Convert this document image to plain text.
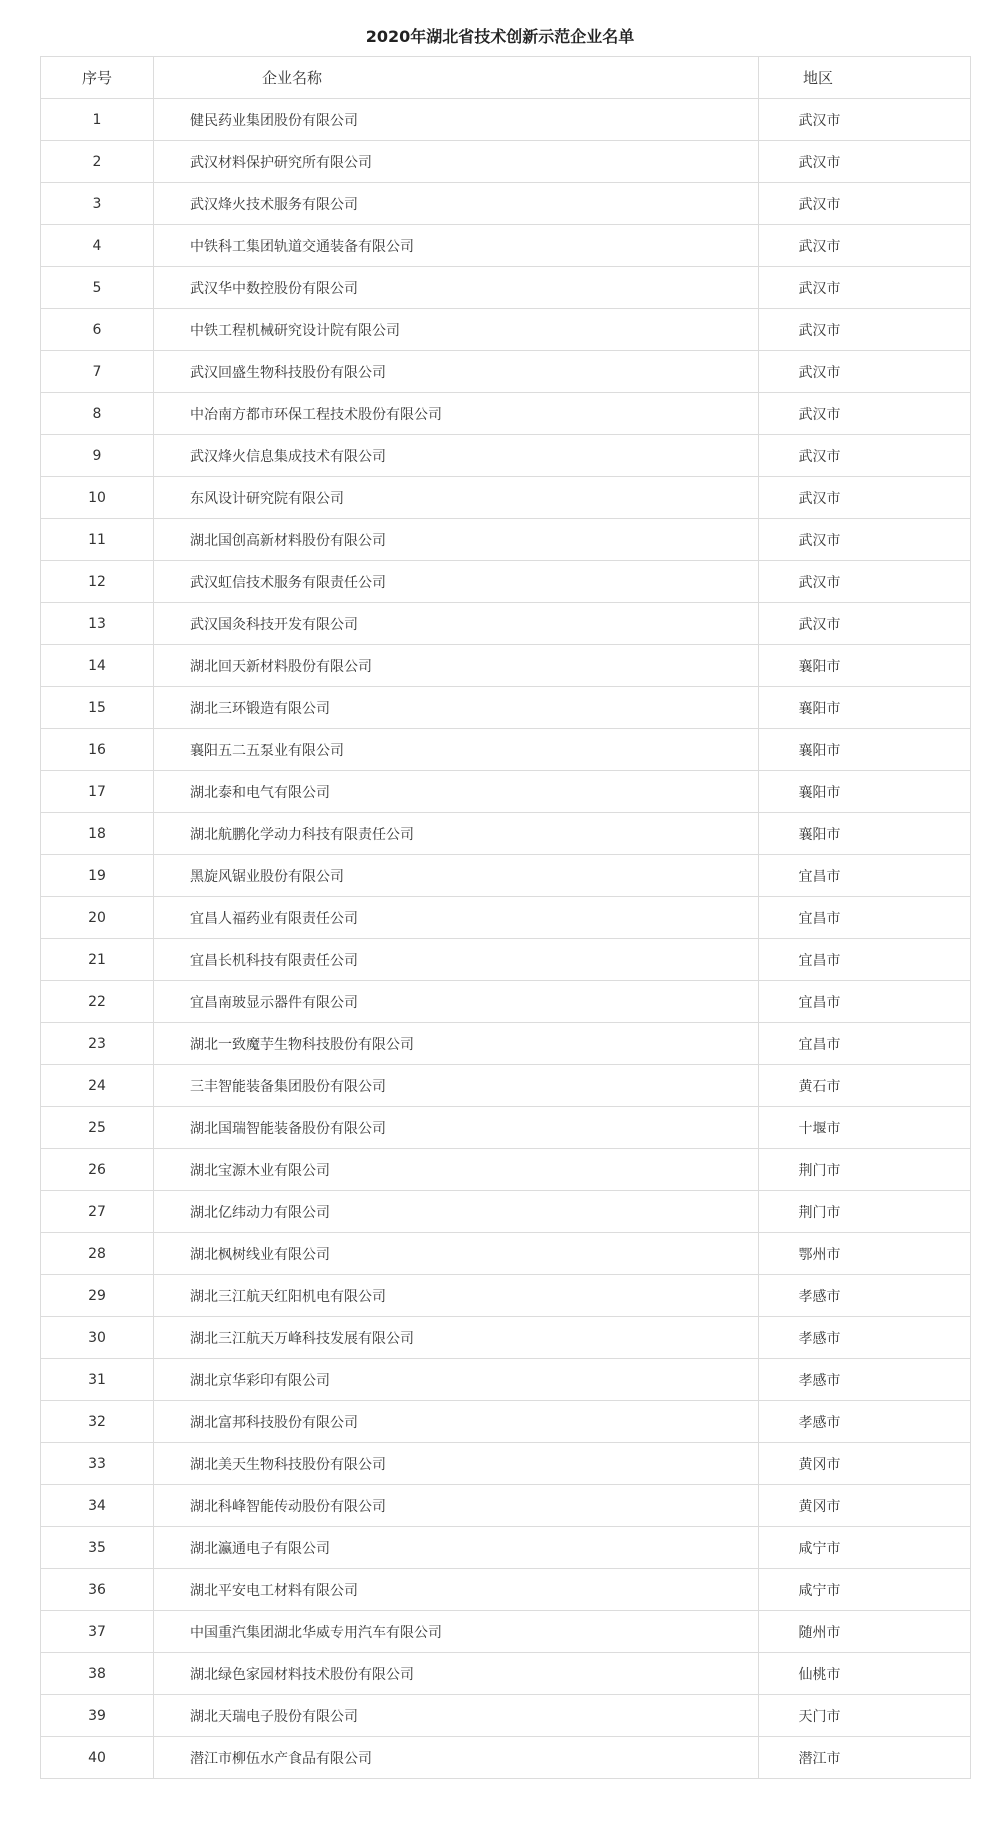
2020年湖北省技术创新示范企业名单
序号	企业名称	地区
1	健民药业集团股份有限公司	武汉市
2	武汉材料保护研究所有限公司	武汉市
3	武汉烽火技术服务有限公司	武汉市
4	中铁科工集团轨道交通装备有限公司	武汉市
5	武汉华中数控股份有限公司	武汉市
6	中铁工程机械研究设计院有限公司	武汉市
7	武汉回盛生物科技股份有限公司	武汉市
8	中冶南方都市环保工程技术股份有限公司	武汉市
9	武汉烽火信息集成技术有限公司	武汉市
10	东风设计研究院有限公司	武汉市
11	湖北国创高新材料股份有限公司	武汉市
12	武汉虹信技术服务有限责任公司	武汉市
13	武汉国灸科技开发有限公司	武汉市
14	湖北回天新材料股份有限公司	襄阳市
15	湖北三环锻造有限公司	襄阳市
16	襄阳五二五泵业有限公司	襄阳市
17	湖北泰和电气有限公司	襄阳市
18	湖北航鹏化学动力科技有限责任公司	襄阳市
19	黑旋风锯业股份有限公司	宜昌市
20	宜昌人福药业有限责任公司	宜昌市
21	宜昌长机科技有限责任公司	宜昌市
22	宜昌南玻显示器件有限公司	宜昌市
23	湖北一致魔芋生物科技股份有限公司	宜昌市
24	三丰智能装备集团股份有限公司	黄石市
25	湖北国瑞智能装备股份有限公司	十堰市
26	湖北宝源木业有限公司	荆门市
27	湖北亿纬动力有限公司	荆门市
28	湖北枫树线业有限公司	鄂州市
29	湖北三江航天红阳机电有限公司	孝感市
30	湖北三江航天万峰科技发展有限公司	孝感市
31	湖北京华彩印有限公司	孝感市
32	湖北富邦科技股份有限公司	孝感市
33	湖北美天生物科技股份有限公司	黄冈市
34	湖北科峰智能传动股份有限公司	黄冈市
35	湖北瀛通电子有限公司	咸宁市
36	湖北平安电工材料有限公司	咸宁市
37	中国重汽集团湖北华威专用汽车有限公司	随州市
38	湖北绿色家园材料技术股份有限公司	仙桃市
39	湖北天瑞电子股份有限公司	天门市
40	潜江市柳伍水产食品有限公司	潜江市
